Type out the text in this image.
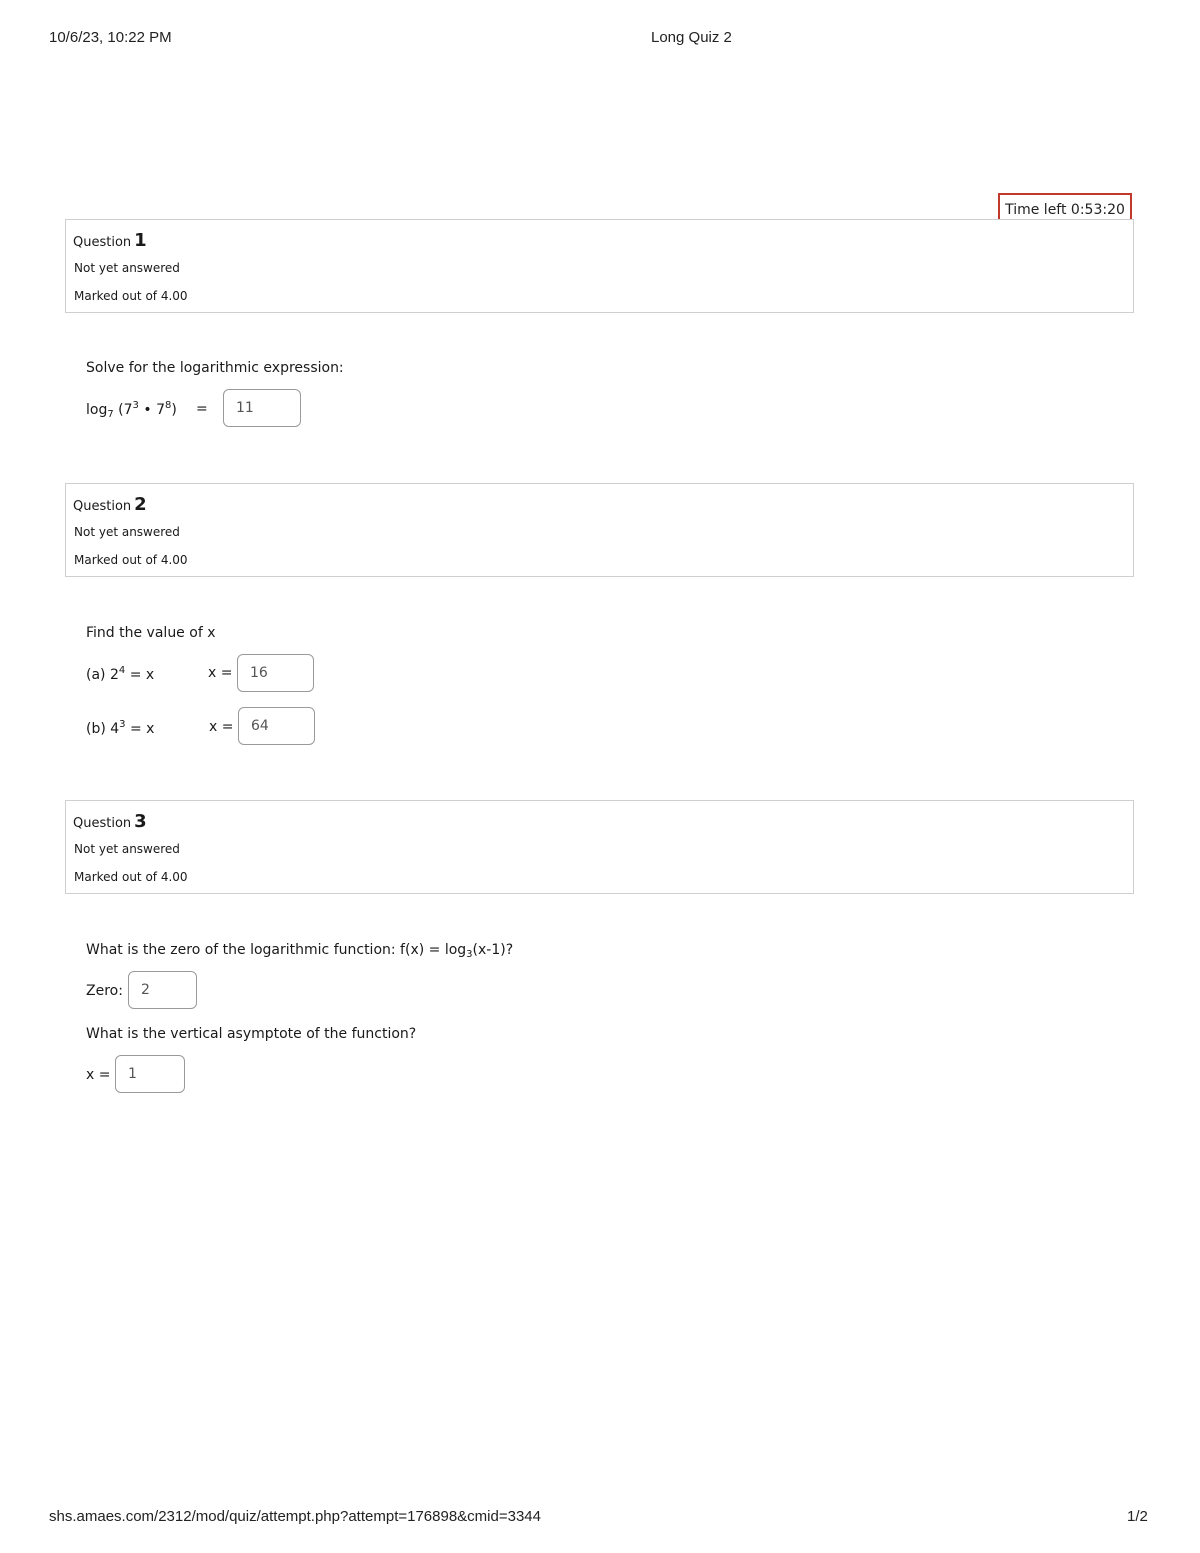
10/6/23, 10:22 PM	Long Quiz 2
shs.amaes.com/2312/mod/quiz/attempt.php?attempt=176898&cmid=3344	1/2
Time left 0:53:20
Question 1
Not yet answered
Marked out of 4.00
Solve for the logarithmic expression:
$\log_7 (7^3$ • $7^8$) =	11
Question 2
Not yet answered
Marked out of 4.00
Find the value of x
(a) $2^4 = x$	x =	16
(b) $4^3 = x$	x =	64
Question 3
Not yet answered
Marked out of 4.00
What is the zero of the logarithmic function: $f(x) = \log_3(x-1)$?
Zero:	2
What is the vertical asymptote of the function?
x =	1
